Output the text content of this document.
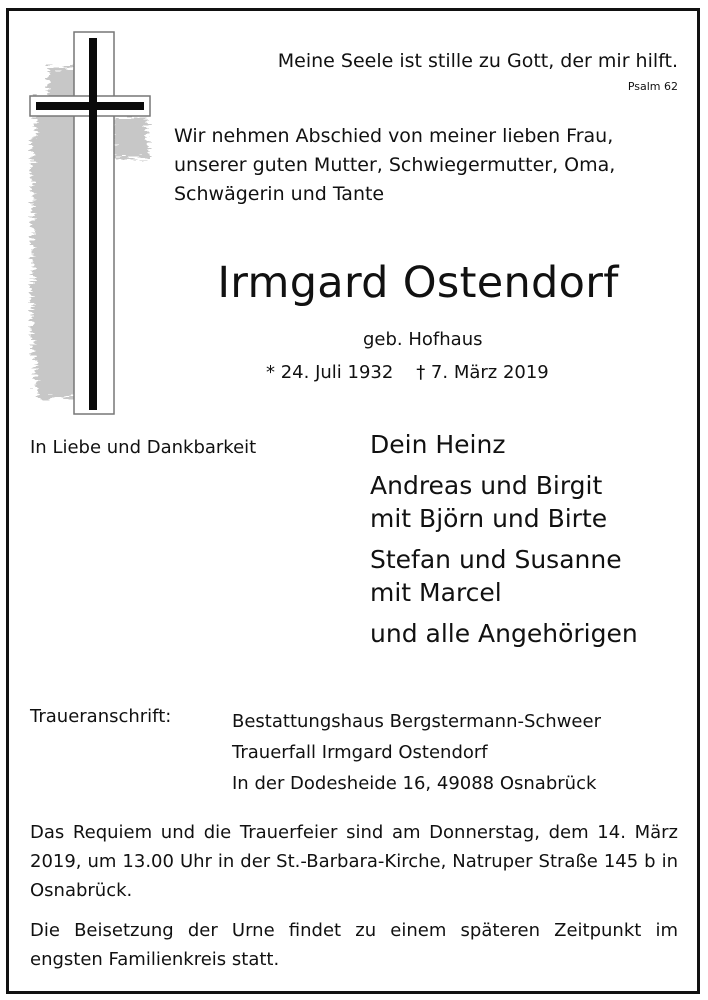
Meine Seele ist stille zu Gott, der mir hilft.
Psalm 62
Wir nehmen Abschied von meiner lieben Frau,
unserer guten Mutter, Schwiegermutter, Oma,
Schwägerin und Tante
Irmgard Ostendorf
geb. Hofhaus
* 24. Juli 1932    † 7. März 2019
In Liebe und Dankbarkeit	Dein Heinz
Andreas und Birgit
mit Björn und Birte
Stefan und Susanne
mit Marcel
und alle Angehörigen
Traueranschrift:	Bestattungshaus Bergstermann-Schweer
Trauerfall Irmgard Ostendorf
In der Dodesheide 16, 49088 Osnabrück
Das Requiem und die Trauerfeier sind am Donnerstag, dem 14. März 2019, um 13.00 Uhr in der St.-Barbara-Kirche, Natruper Straße 145 b in Osnabrück.
Die Beisetzung der Urne findet zu einem späteren Zeitpunkt im engsten Familienkreis statt.
